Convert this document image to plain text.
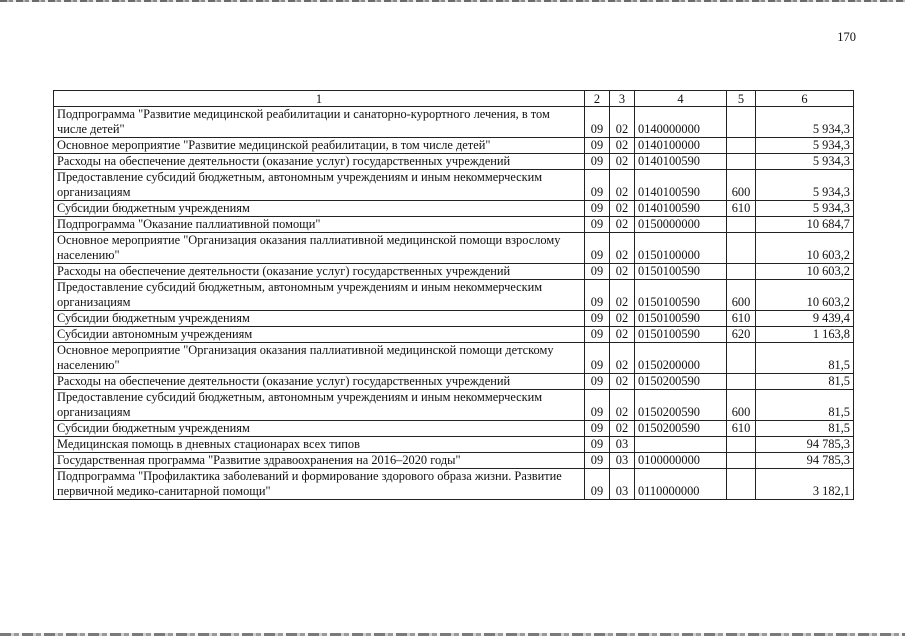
170
1	2	3	4	5	6
Подпрограмма "Развитие медицинской реабилитации и санаторно-курортного лечения, в том числе детей"	09	02	0140000000		5 934,3
Основное мероприятие "Развитие медицинской реабилитации, в том числе детей"	09	02	0140100000		5 934,3
Расходы на обеспечение деятельности (оказание услуг) государственных учреждений	09	02	0140100590		5 934,3
Предоставление субсидий бюджетным, автономным учреждениям и иным некоммерческим организациям	09	02	0140100590	600	5 934,3
Субсидии бюджетным учреждениям	09	02	0140100590	610	5 934,3
Подпрограмма "Оказание паллиативной помощи"	09	02	0150000000		10 684,7
Основное мероприятие "Организация оказания паллиативной медицинской помощи взрослому населению"	09	02	0150100000		10 603,2
Расходы на обеспечение деятельности (оказание услуг) государственных учреждений	09	02	0150100590		10 603,2
Предоставление субсидий бюджетным, автономным учреждениям и иным некоммерческим организациям	09	02	0150100590	600	10 603,2
Субсидии бюджетным учреждениям	09	02	0150100590	610	9 439,4
Субсидии автономным учреждениям	09	02	0150100590	620	1 163,8
Основное мероприятие "Организация оказания паллиативной медицинской помощи детскому населению"	09	02	0150200000		81,5
Расходы на обеспечение деятельности (оказание услуг) государственных учреждений	09	02	0150200590		81,5
Предоставление субсидий бюджетным, автономным учреждениям и иным некоммерческим организациям	09	02	0150200590	600	81,5
Субсидии бюджетным учреждениям	09	02	0150200590	610	81,5
Медицинская помощь в дневных стационарах всех типов	09	03			94 785,3
Государственная программа "Развитие здравоохранения на 2016–2020 годы"	09	03	0100000000		94 785,3
Подпрограмма "Профилактика заболеваний и формирование здорового образа жизни. Развитие первичной медико-санитарной помощи"	09	03	0110000000		3 182,1
